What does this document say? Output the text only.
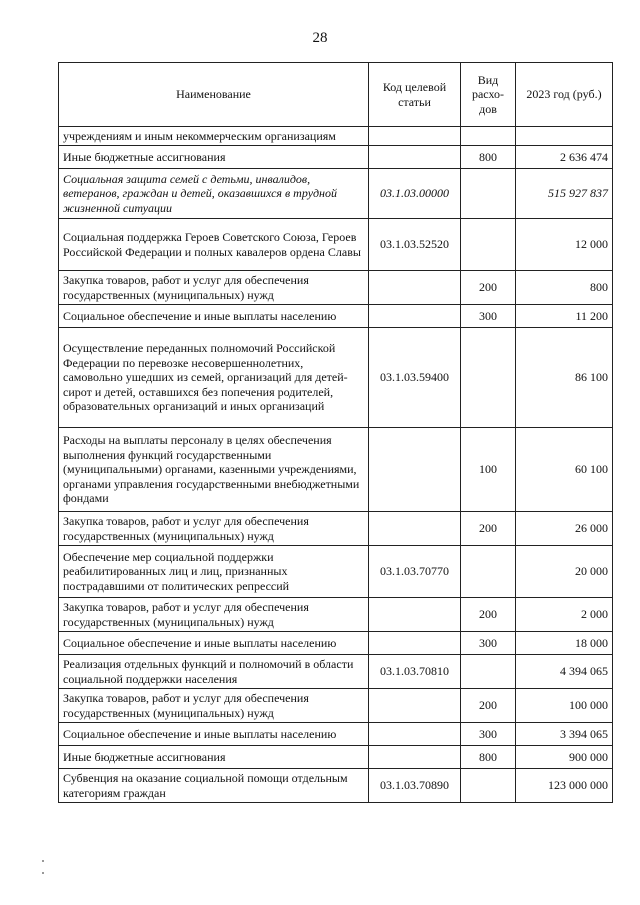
28
Наименование	Код целевой статьи	Вид расхо-дов	2023 год (руб.)
учреждениям и иным некоммерческим организациям			
Иные бюджетные ассигнования		800	2 636 474
Социальная защита семей с детьми, инвалидов, ветеранов, граждан и детей, оказавшихся в трудной жизненной ситуации	03.1.03.00000		515 927 837
Социальная поддержка Героев Советского Союза, Героев Российской Федерации и полных кавалеров ордена Славы	03.1.03.52520		12 000
Закупка товаров, работ и услуг для обеспечения государственных (муниципальных) нужд		200	800
Социальное обеспечение и иные выплаты населению		300	11 200
Осуществление переданных полномочий Российской Федерации по перевозке несовершеннолетних, самовольно ушедших из семей, организаций для детей-сирот и детей, оставшихся без попечения родителей, образовательных организаций и иных организаций	03.1.03.59400		86 100
Расходы на выплаты персоналу в целях обеспечения выполнения функций государственными (муниципальными) органами, казенными учреждениями, органами управления государственными внебюджетными фондами		100	60 100
Закупка товаров, работ и услуг для обеспечения государственных (муниципальных) нужд		200	26 000
Обеспечение мер социальной поддержки реабилитированных лиц и лиц, признанных пострадавшими от политических репрессий	03.1.03.70770		20 000
Закупка товаров, работ и услуг для обеспечения государственных (муниципальных) нужд		200	2 000
Социальное обеспечение и иные выплаты населению		300	18 000
Реализация отдельных функций и полномочий в области социальной поддержки населения	03.1.03.70810		4 394 065
Закупка товаров, работ и услуг для обеспечения государственных (муниципальных) нужд		200	100 000
Социальное обеспечение и иные выплаты населению		300	3 394 065
Иные бюджетные ассигнования		800	900 000
Субвенция на оказание социальной помощи отдельным категориям граждан	03.1.03.70890		123 000 000
